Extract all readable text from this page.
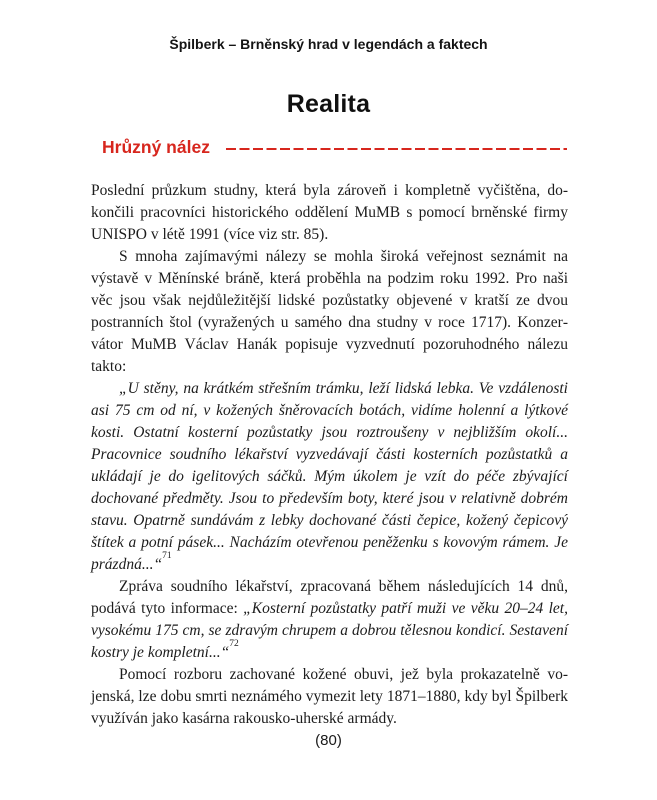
Špilberk – Brněnský hrad v legendách a faktech
Realita
Hrůzný nález

Poslední průzkum studny, která byla zároveň i kompletně vyčištěna, dokončili pracovníci historického oddělení MuMB s pomocí brněnské firmy UNISPO v létě 1991 (více viz str. 85).

S mnoha zajímavými nálezy se mohla široká veřejnost seznámit na výstavě v Měnínské bráně, která proběhla na podzim roku 1992. Pro naši věc jsou však nejdůležitější lidské pozůstatky objevené v kratší ze dvou postranních štol (vyražených u samého dna studny v roce 1717). Konzervátor MuMB Václav Hanák popisuje vyzvednutí pozoruhodného nálezu takto:

„U stěny, na krátkém střešním trámku, leží lidská lebka. Ve vzdálenosti asi 75 cm od ní, v kožených šněrovacích botách, vidíme holenní a lýtkové kosti. Ostatní kosterní pozůstatky jsou roztroušeny v nejbližším okolí... Pracovnice soudního lékařství vyzvedávají části kosterních pozůstatků a ukládají je do igelitových sáčků. Mým úkolem je vzít do péče zbývající dochované předměty. Jsou to především boty, které jsou v relativně dobrém stavu. Opatrně sundávám z lebky dochované části čepice, kožený čepicový štítek a potní pásek... Nacházím otevřenou peněženku s kovovým rámem. Je prázdná...“$^{71}$

Zpráva soudního lékařství, zpracovaná během následujících 14 dnů, podává tyto informace: „Kosterní pozůstatky patří muži ve věku 20–24 let, vysokému 175 cm, se zdravým chrupem a dobrou tělesnou kondicí. Sestavení kostry je kompletní...“$^{72}$

Pomocí rozboru zachované kožené obuvi, jež byla prokazatelně vojenská, lze dobu smrti neznámého vymezit lety 1871–1880, kdy byl Špilberk využíván jako kasárna rakousko-uherské armády.

(80)
